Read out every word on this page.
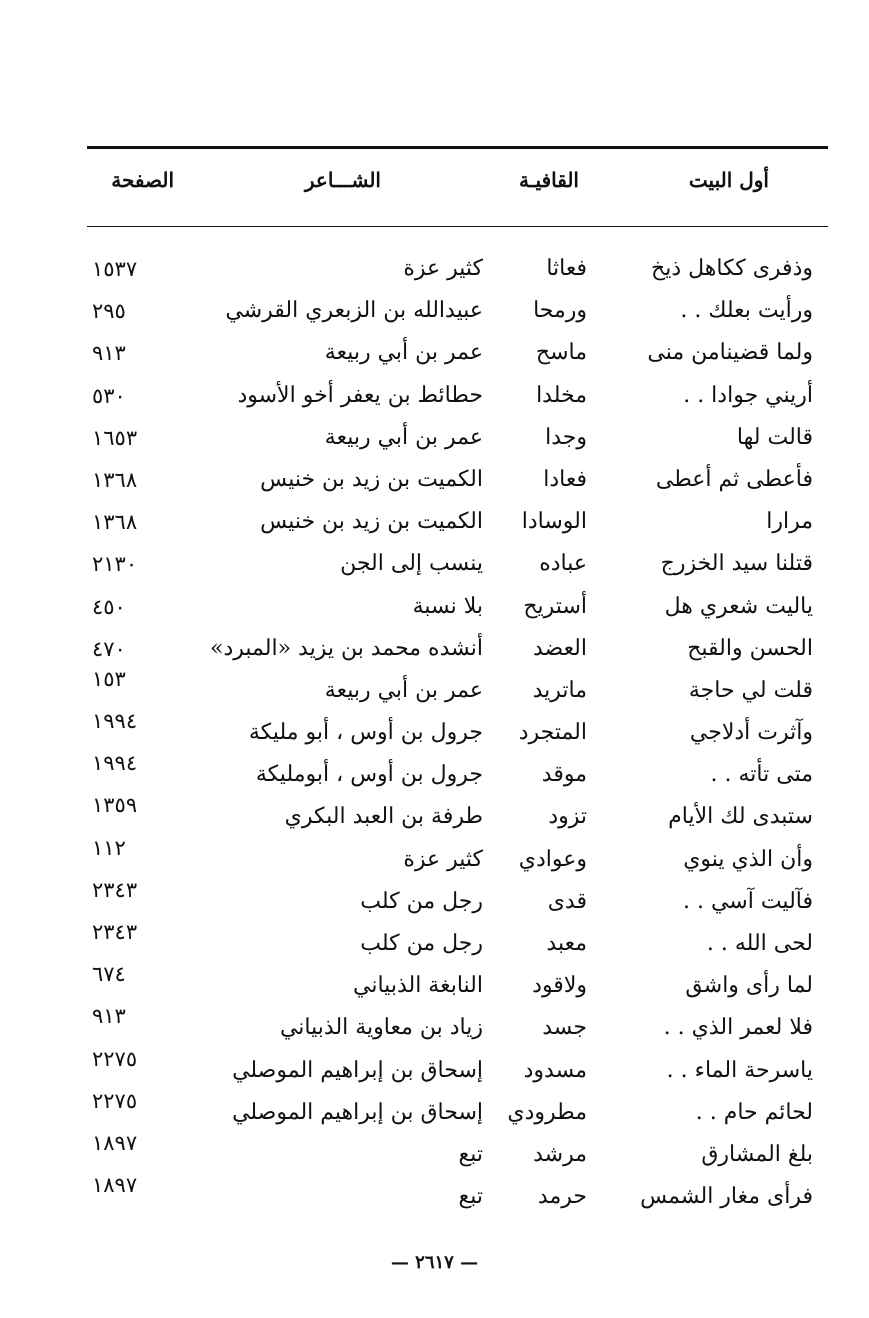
أول البيت
القافيـة
الشـــاعر
الصفحة
وذفرى ككاهل ذيخ
فعاثا
كثير عزة
١٥٣٧
ورأيت بعلك . .
ورمحا
عبيدالله بن الزبعري القرشي
٢٩٥
ولما قضينامن منى
ماسح
عمر بن أبي ربيعة
٩١٣
أريني جوادا . .
مخلدا
حطائط بن يعفر أخو الأسود
٥٣٠
قالت لها
وجدا
عمر بن أبي ربيعة
١٦٥٣
فأعطى ثم أعطى
فعادا
الكميت بن زيد بن خنيس
١٣٦٨
مرارا
الوسادا
الكميت بن زيد بن خنيس
١٣٦٨
قتلنا سيد الخزرج
عباده
ينسب إلى الجن
٢١٣٠
ياليت شعري هل
أستريح
بلا نسبة
٤٥٠
الحسن والقبح
العضد
أنشده محمد بن يزيد «المبرد»
٤٧٠
قلت لي حاجة
ماتريد
عمر بن أبي ربيعة
١٥٣
وآثرت أدلاجي
المتجرد
جرول بن أوس ، أبو مليكة
١٩٩٤
متى تأته . .
موقد
جرول بن أوس ، أبومليكة
١٩٩٤
ستبدى لك الأيام
تزود
طرفة بن العبد البكري
١٣٥٩
وأن الذي ينوي
وعوادي
كثير عزة
١١٢
فآليت آسي . .
قدى
رجل من كلب
٢٣٤٣
لحى الله . .
معبد
رجل من كلب
٢٣٤٣
لما رأى واشق
ولاقود
النابغة الذبياني
٦٧٤
فلا لعمر الذي . .
جسد
زياد بن معاوية الذبياني
٩١٣
ياسرحة الماء . .
مسدود
إسحاق بن إبراهيم الموصلي
٢٢٧٥
لحائم حام . .
مطرودي
إسحاق بن إبراهيم الموصلي
٢٢٧٥
بلغ المشارق
مرشد
تبع
١٨٩٧
فرأى مغار الشمس
حرمد
تبع
١٨٩٧
— ٢٦١٧ —
